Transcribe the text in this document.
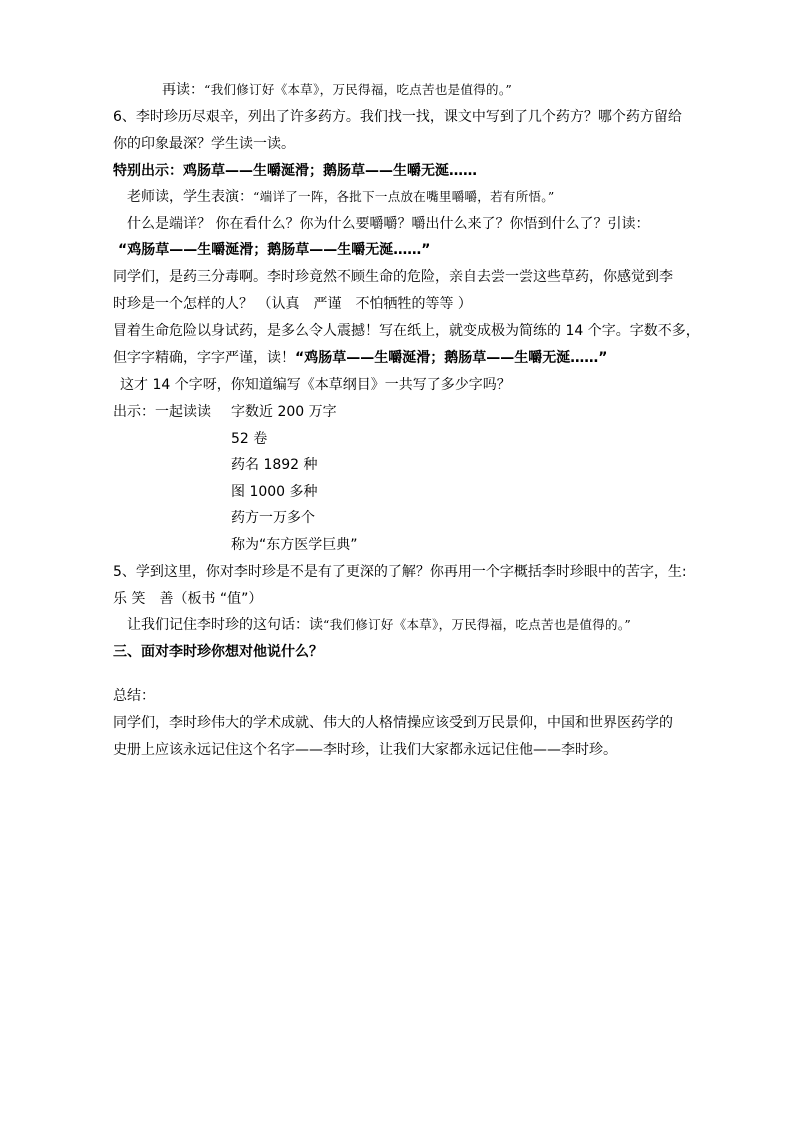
再读：“我们修订好《本草》，万民得福，吃点苦也是值得的。”
6、李时珍历尽艰辛，列出了许多药方。我们找一找，课文中写到了几个药方？哪个药方留给
你的印象最深？学生读一读。
特别出示：鸡肠草——生嚼涎滑；鹅肠草——生嚼无涎……
老师读，学生表演：“端详了一阵，各批下一点放在嘴里嚼嚼，若有所悟。”
什么是端详？ 你在看什么？你为什么要嚼嚼？嚼出什么来了？你悟到什么了？引读：
“鸡肠草——生嚼涎滑；鹅肠草——生嚼无涎……”
同学们，是药三分毒啊。李时珍竟然不顾生命的危险，亲自去尝一尝这些草药，你感觉到李
时珍是一个怎样的人？ （认真　严谨　不怕牺牲的等等 ）
冒着生命危险以身试药，是多么令人震撼！写在纸上，就变成极为简练的 14 个字。字数不多，
但字字精确，字字严谨，读！“鸡肠草——生嚼涎滑；鹅肠草——生嚼无涎……”
这才 14 个字呀，你知道编写《本草纲目》一共写了多少字吗？
出示：一起读读 字数近 200 万字
52 卷
药名 1892 种
图 1000 多种
药方一万多个
称为“东方医学巨典”
5、学到这里，你对李时珍是不是有了更深的了解？你再用一个字概括李时珍眼中的苦字，生:
乐 笑　善（板书 “值”）
让我们记住李时珍的这句话：读“我们修订好《本草》，万民得福，吃点苦也是值得的。”
三、面对李时珍你想对他说什么？
总结：
同学们，李时珍伟大的学术成就、伟大的人格情操应该受到万民景仰，中国和世界医药学的
史册上应该永远记住这个名字——李时珍，让我们大家都永远记住他——李时珍。
